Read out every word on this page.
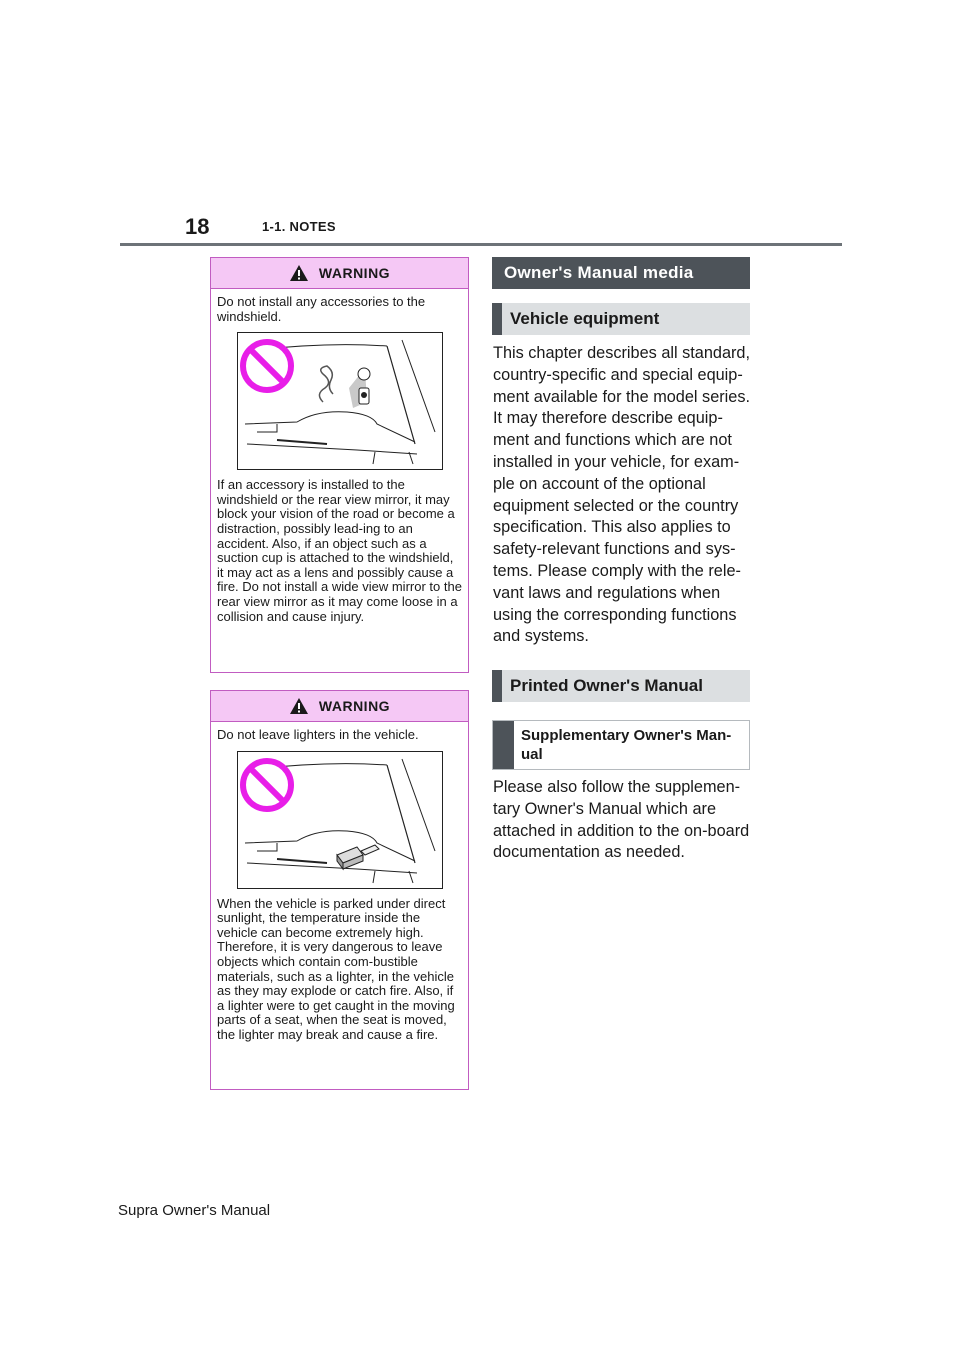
18	1-1. NOTES
WARNING

Do not install any accessories to the windshield.

If an accessory is installed to the windshield or the rear view mirror, it may block your vision of the road or become a distraction, possibly lead-ing to an accident. Also, if an object such as a suction cup is attached to the windshield, it may act as a lens and possibly cause a fire. Do not install a wide view mirror to the rear view mirror as it may come loose in a collision and cause injury.

WARNING

Do not leave lighters in the vehicle.

When the vehicle is parked under direct sunlight, the temperature inside the vehicle can become extremely high. Therefore, it is very dangerous to leave objects which contain com-bustible materials, such as a lighter, in the vehicle as they may explode or catch fire. Also, if a lighter were to get caught in the moving parts of a seat, when the seat is moved, the lighter may break and cause a fire.

Owner's Manual media
Vehicle equipment

This chapter describes all standard, country-specific and special equip-ment available for the model series. It may therefore describe equip-ment and functions which are not installed in your vehicle, for exam-ple on account of the optional equipment selected or the country specification. This also applies to safety-relevant functions and sys-tems. Please comply with the rele-vant laws and regulations when using the corresponding functions and systems.

Printed Owner's Manual
Supplementary Owner's Man-ual

Please also follow the supplemen-tary Owner's Manual which are attached in addition to the on-board documentation as needed.

Supra Owner's Manual
